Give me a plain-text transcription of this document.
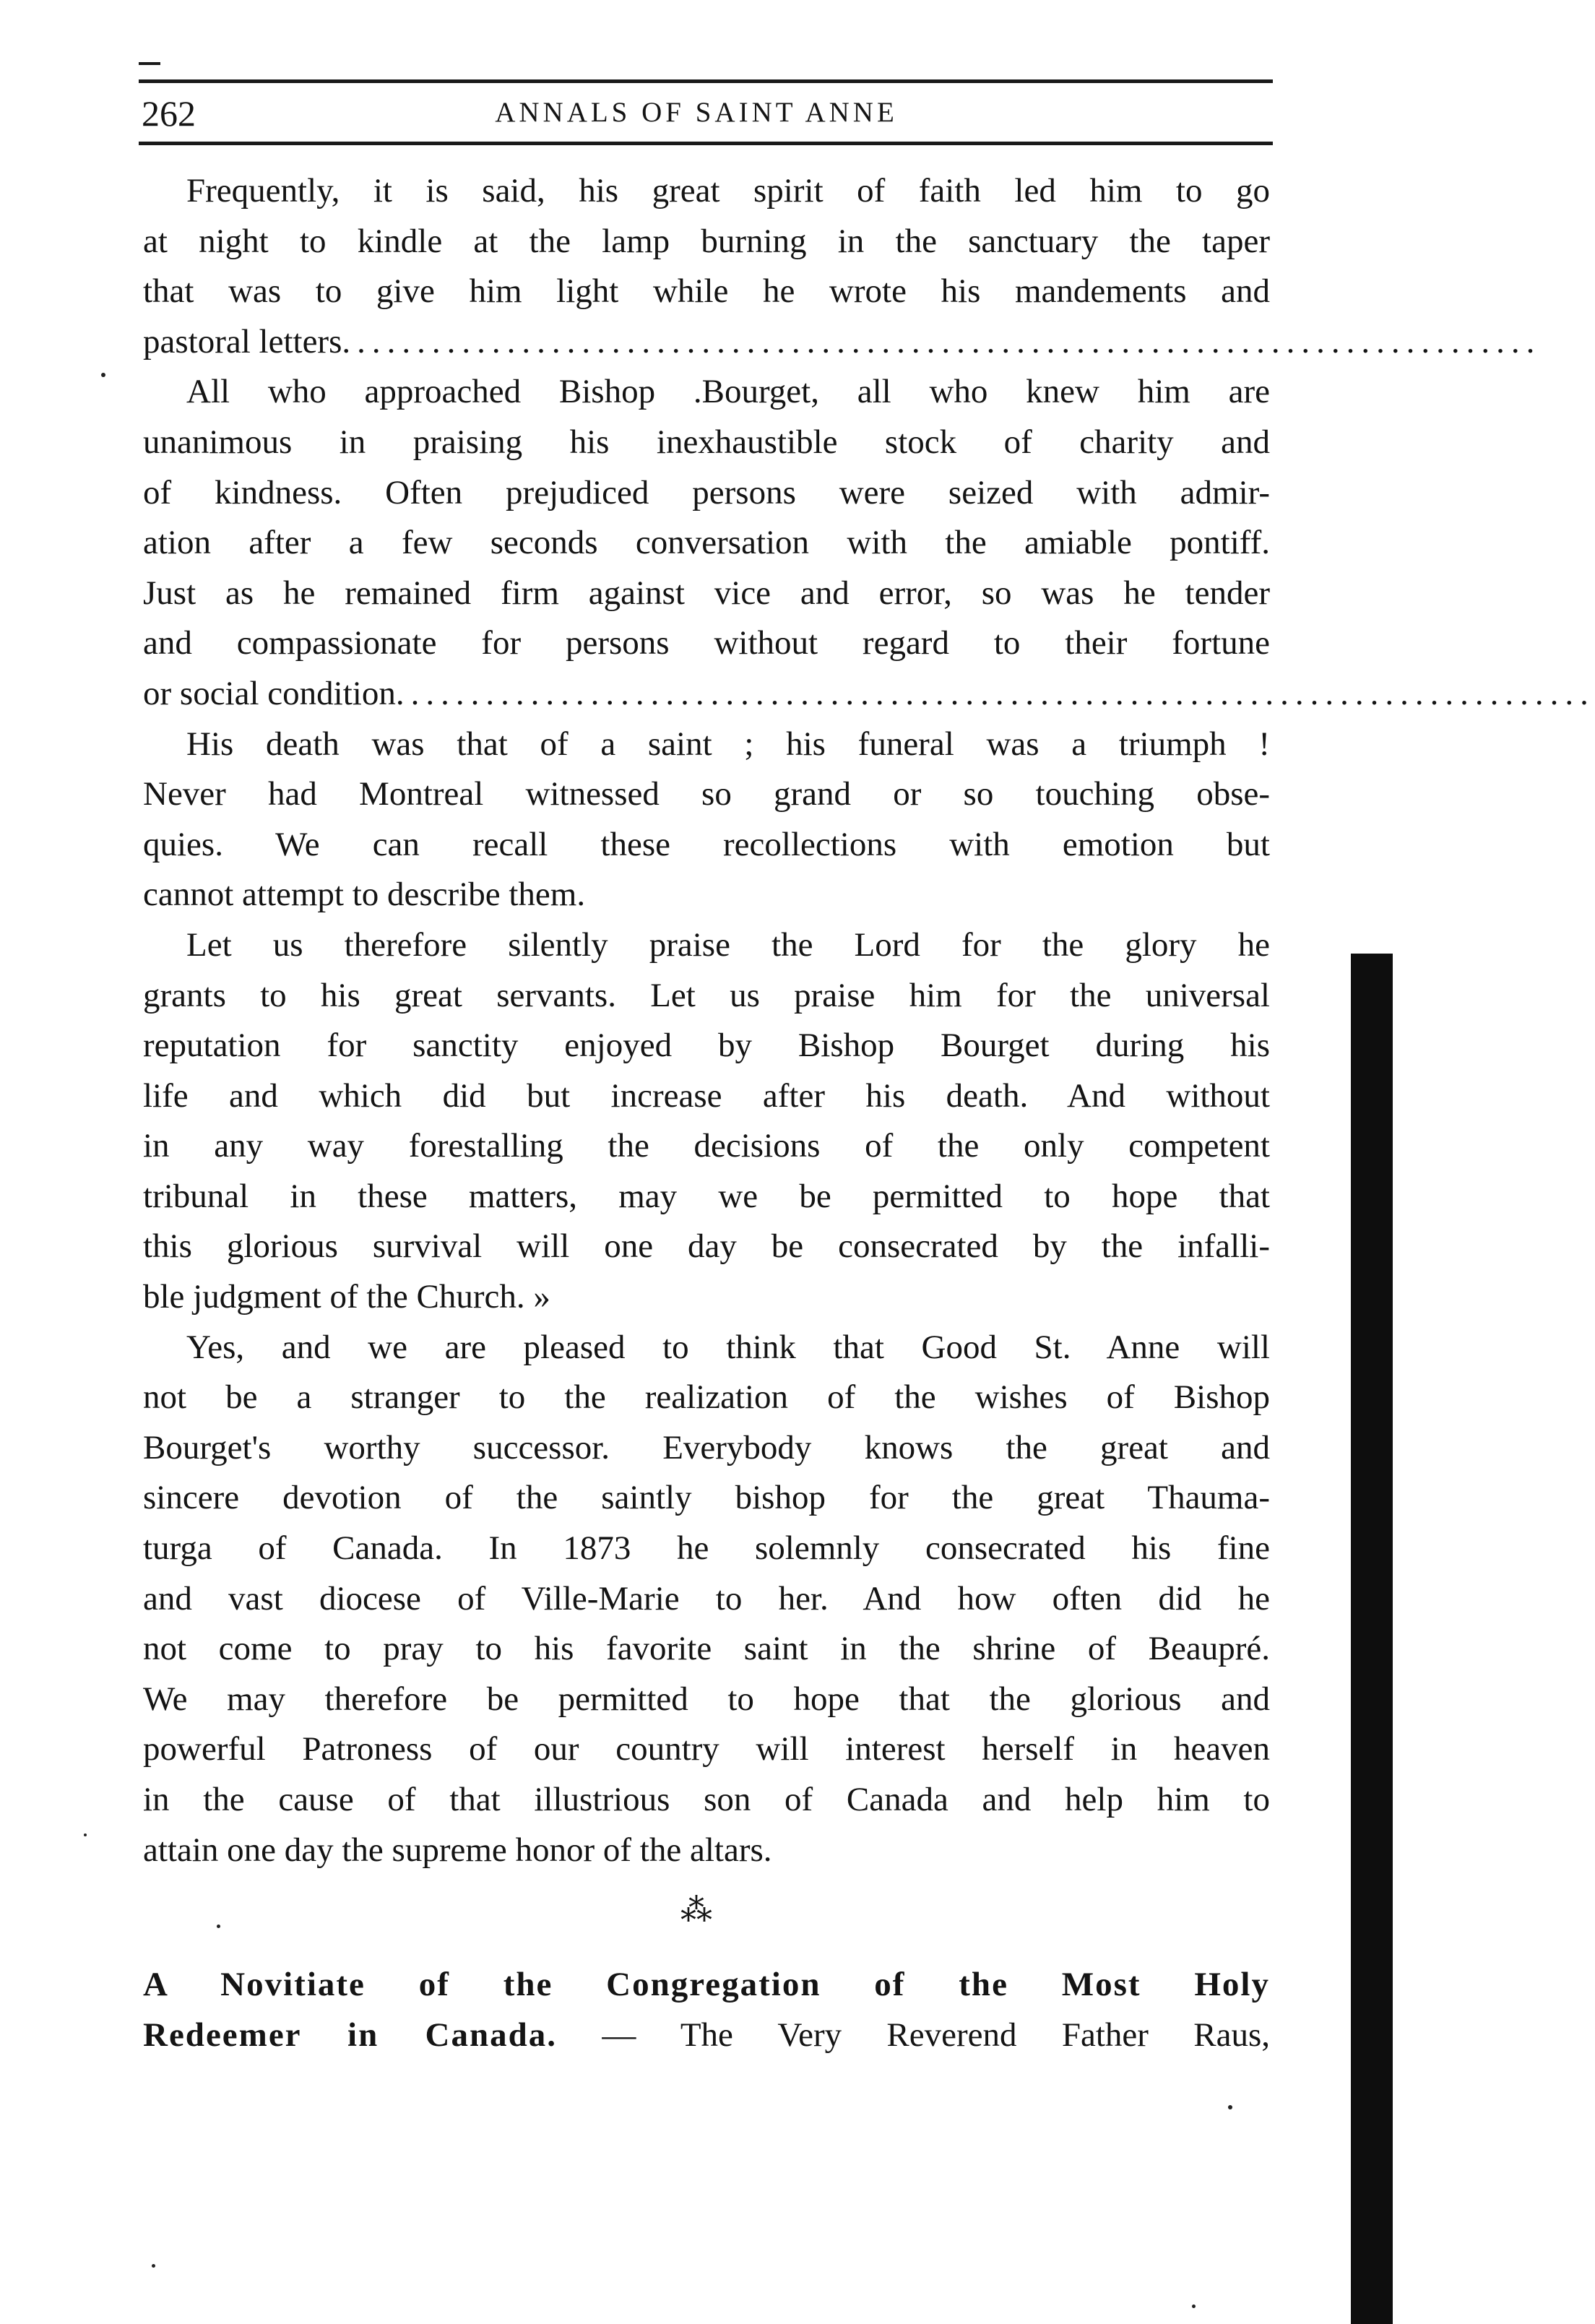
262	ANNALS OF SAINT ANNE
Frequently, it is said, his great spirit of faith led him to go
at night to kindle at the lamp burning in the sanctuary the taper
that was to give him light while he wrote his mandements and
pastoral letters ................................................................................
All who approached Bishop .Bourget, all who knew him are
unanimous in praising his inexhaustible stock of charity and
of kindness. Often prejudiced persons were seized with admir-
ation after a few seconds conversation with the amiable pontiff.
Just as he remained firm against vice and error, so was he tender
and compassionate for persons without regard to their fortune
or social condition ................................................................................
His death was that of a saint ; his funeral was a triumph !
Never had Montreal witnessed so grand or so touching obse-
quies. We can recall these recollections with emotion but
cannot attempt to describe them.
Let us therefore silently praise the Lord for the glory he
grants to his great servants. Let us praise him for the universal
reputation for sanctity enjoyed by Bishop Bourget during his
life and which did but increase after his death. And without
in any way forestalling the decisions of the only competent
tribunal in these matters, may we be permitted to hope that
this glorious survival will one day be consecrated by the infalli-
ble judgment of the Church. »
Yes, and we are pleased to think that Good St. Anne will
not be a stranger to the realization of the wishes of Bishop
Bourget's worthy successor. Everybody knows the great and
sincere devotion of the saintly bishop for the great Thauma-
turga of Canada. In 1873 he solemnly consecrated his fine
and vast diocese of Ville-Marie to her. And how often did he
not come to pray to his favorite saint in the shrine of Beaupré.
We may therefore be permitted to hope that the glorious and
powerful Patroness of our country will interest herself in heaven
in the cause of that illustrious son of Canada and help him to
attain one day the supreme honor of the altars.
⁂
A Novitiate of the Congregation of the Most Holy
Redeemer in Canada. — The Very Reverend Father Raus,
